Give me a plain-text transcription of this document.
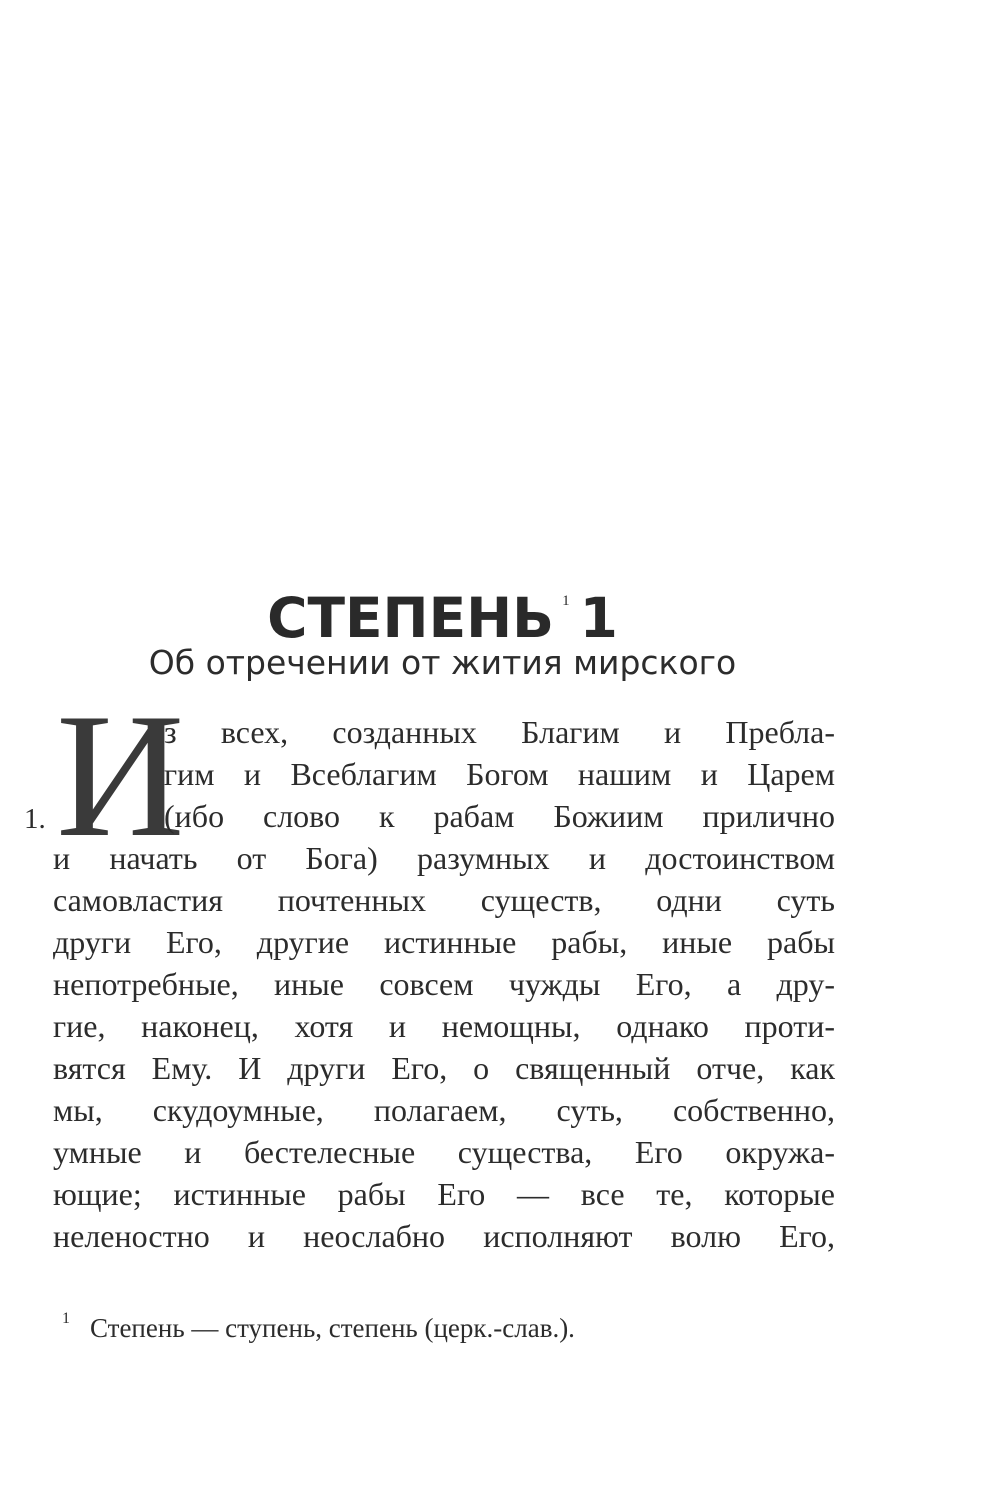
СТЕПЕНЬ $^1$ 1
Об отречении от жития мирского
1. И
з всех, созданных Благим и Пребла-
гим и Всеблагим Богом нашим и Царем
(ибо слово к рабам Божиим прилично
и начать от Бога) разумных и достоинством
самовластия почтенных существ, одни суть
други Его, другие истинные рабы, иные рабы
непотребные, иные совсем чужды Его, а дру-
гие, наконец, хотя и немощны, однако проти-
вятся Ему. И други Его, о священный отче, как
мы, скудоумные, полагаем, суть, собственно,
умные и бестелесные существа, Его окружа-
ющие; истинные рабы Его — все те, которые
неленостно и неослабно исполняют волю Его,
$^1$ Степень — ступень, степень (церк.-слав.).
